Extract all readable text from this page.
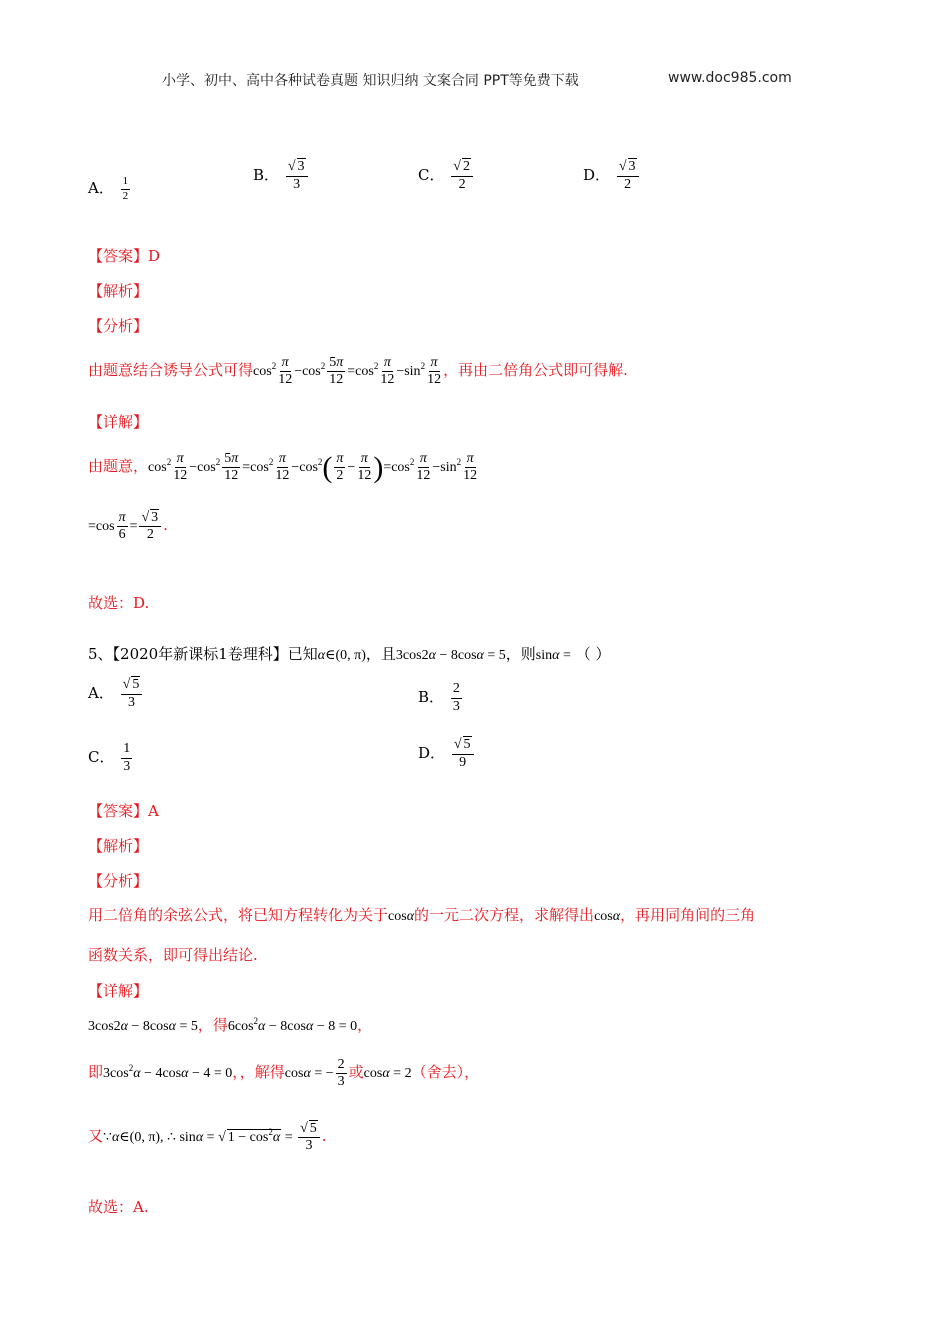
小学、初中、高中各种试卷真题 知识归纳 文案合同 PPT等免费下载	www.doc985.com
A． $\frac{1}{2}$
B． $\frac{√ 3}{3}$	C． $\frac{√ 2}{2}$	D． $\frac{√ 3}{2}$
【答案】D
【解析】
【分析】
由题意结合诱导公式可得$\cos^2 \frac{\pi}{12} -\cos^2 \frac{5\pi}{12} =\cos^2 \frac{\pi}{12} -\sin^2 \frac{\pi}{12}$ ，再由二倍角公式即可得解.
【详解】
由题意，$\cos^2 \frac{\pi}{12} -\cos^2 \frac{5\pi}{12} =\cos^2 \frac{\pi}{12} -\cos^2( \frac{\pi}{2} - \frac{\pi}{12} )=\cos^2 \frac{\pi}{12} -\sin^2 \frac{\pi}{12}$
$=\cos \frac{\pi}{6} = \frac{√ 3}{2}$ .
故选：D.
5、【2020年新课标1卷理科】已知α∈(0, π)，且3cos2α − 8cosα = 5，则sinα = （ ）
A． $\frac{√ 5}{3}$	B． $\frac{2}{3}$
C． $\frac{1}{3}$	D． $\frac{√ 5}{9}$
【答案】A
【解析】
【分析】
用二倍角的余弦公式，将已知方程转化为关于cosα的一元二次方程，求解得出cosα，再用同角间的三角
函数关系，即可得出结论.
【详解】
3cos2α − 8cosα = 5，得$6\cos^2\alpha - 8\cos\alpha - 8 = 0$，
即$3\cos^2\alpha - 4\cos\alpha - 4 = 0$，，解得cosα = − $\frac{2}{3}$ 或cosα = 2（舍去），
又∵α∈(0, π), ∴ sinα = √ $1 - \cos^2\alpha = \frac{√ 5}{3}$ .
故选：A.
